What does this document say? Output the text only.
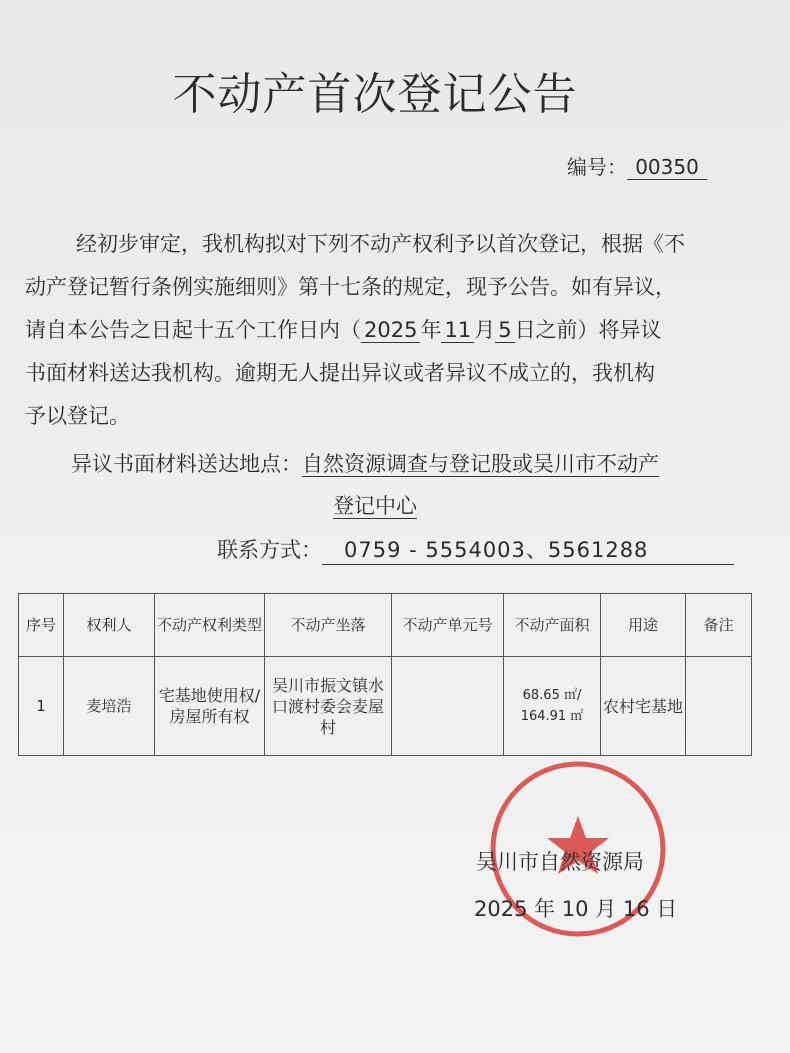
不动产首次登记公告
编号： 00350
经初步审定，我机构拟对下列不动产权利予以首次登记，根据《不
动产登记暂行条例实施细则》第十七条的规定，现予公告。如有异议，
请自本公告之日起十五个工作日内（ 2025 年 11 月 5 日之前）将异议
书面材料送达我机构。逾期无人提出异议或者异议不成立的，我机构
予以登记。
异议书面材料送达地点：自然资源调查与登记股或吴川市不动产
登记中心
联系方式： 0759 - 5554003、5561288
序号	权利人	不动产权利类型	不动产坐落	不动产单元号	不动产面积	用途	备注
1	麦培浩	宅基地使用权/房屋所有权	吴川市振文镇水口渡村委会麦屋村		68.65 ㎡/ 164.91 ㎡	农村宅基地	
吴川市自然资源局
2025 年 10 月 16 日
